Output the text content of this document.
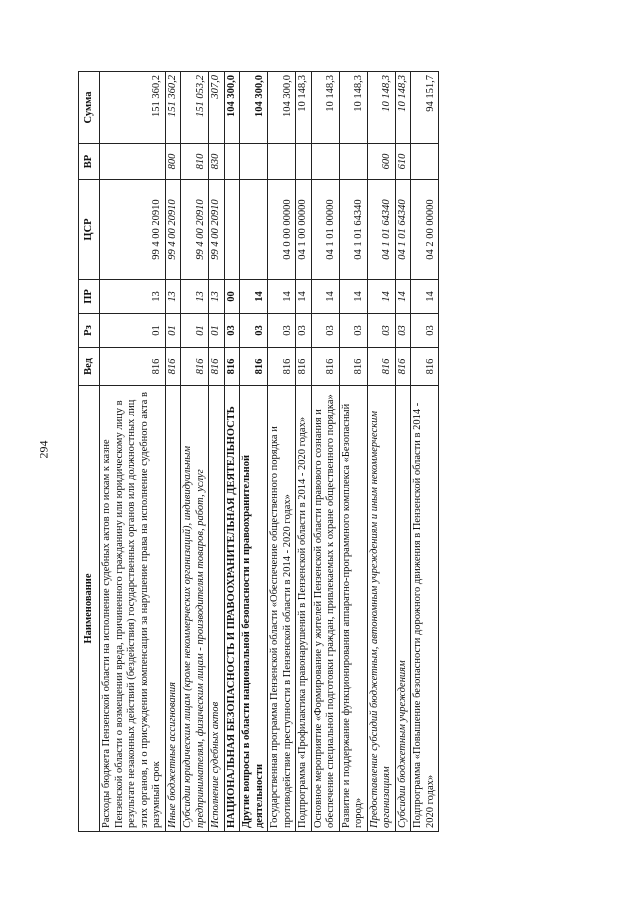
294
Наименование	Вед	Рз	ПР	ЦСР	ВР	Сумма
Расходы бюджета Пензенской области на исполнение судебных актов по искам к казне Пензенской области о возмещении вреда, причиненного гражданину или юридическому лицу в результате незаконных действий (бездействия) государственных органов или должностных лиц этих органов, и о присуждении компенсации за нарушение права на исполнение судебного акта в разумный срок	816	01	13	99 4 00 20910		151 360,2
Иные бюджетные ассигнования	816	01	13	99 4 00 20910	800	151 360,2
Субсидии юридическим лицам (кроме некоммерческих организаций), индивидуальным предпринимателям, физическим лицам - производителям товаров, работ, услуг	816	01	13	99 4 00 20910	810	151 053,2
Исполнение судебных актов	816	01	13	99 4 00 20910	830	307,0
НАЦИОНАЛЬНАЯ БЕЗОПАСНОСТЬ И ПРАВООХРАНИТЕЛЬНАЯ ДЕЯТЕЛЬНОСТЬ	816	03	00			104 300,0
Другие вопросы в области национальной безопасности и правоохранительной деятельности	816	03	14			104 300,0
Государственная программа Пензенской области «Обеспечение общественного порядка и противодействие преступности в Пензенской области в 2014 - 2020 годах»	816	03	14	04 0 00 00000		104 300,0
Подпрограмма «Профилактика правонарушений в Пензенской области в 2014 - 2020 годах»	816	03	14	04 1 00 00000		10 148,3
Основное мероприятие «Формирование у жителей Пензенской области правового сознания и обеспечение специальной подготовки граждан, привлекаемых к охране общественного порядка»	816	03	14	04 1 01 00000		10 148,3
Развитие и поддержание функционирования аппаратно-программного комплекса «Безопасный город»	816	03	14	04 1 01 64340		10 148,3
Предоставление субсидий бюджетным, автономным учреждениям и иным некоммерческим организациям	816	03	14	04 1 01 64340	600	10 148,3
Субсидии бюджетным учреждениям	816	03	14	04 1 01 64340	610	10 148,3
Подпрограмма «Повышение безопасности дорожного движения в Пензенской области в 2014 - 2020 годах»	816	03	14	04 2 00 00000		94 151,7
